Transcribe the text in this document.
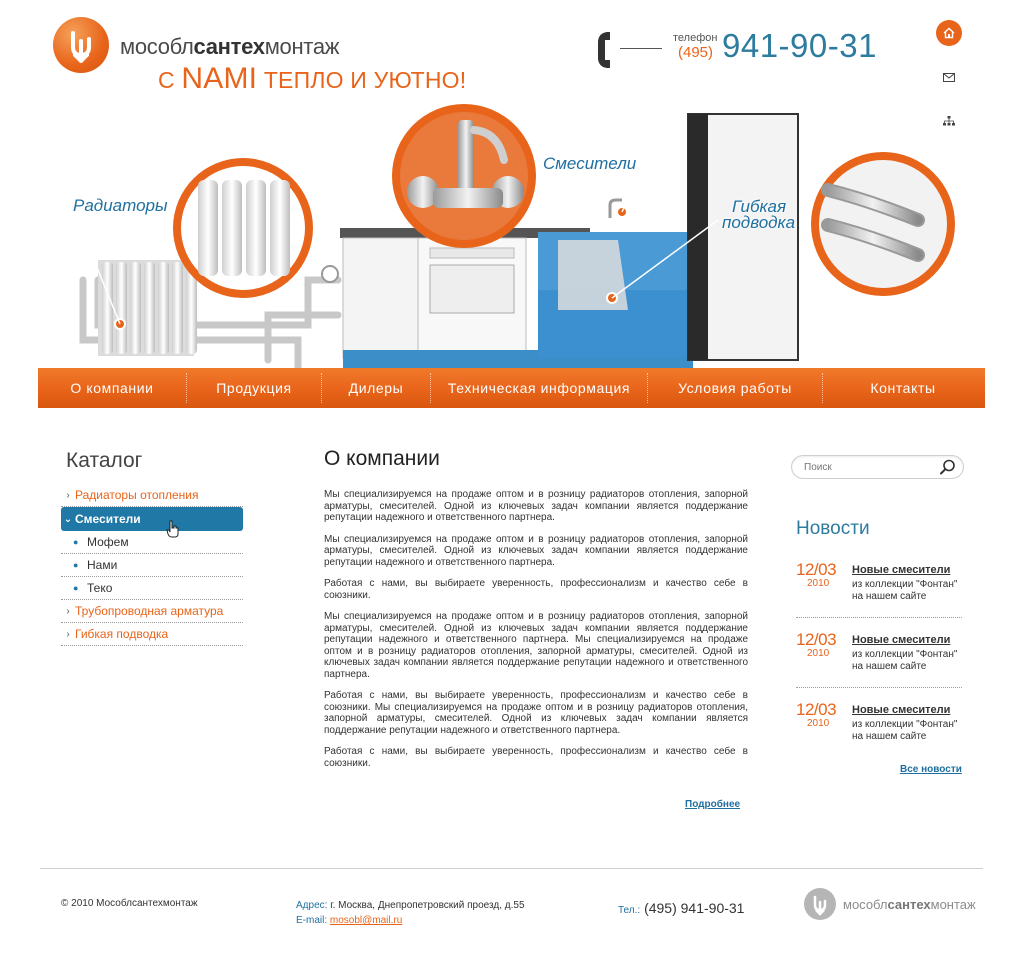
мособлсантехмонтаж
С NAMI ТЕПЛО И УЮТНО!
телефон
(495) 941-90-31
Радиаторы
Смесители
Гибкая
подводка
О компании	Продукция	Дилеры	Техническая информация	Условия работы	Контакты
Каталог
› Радиаторы отопления
⌄ Смесители
● Мофем
● Нами
● Теко
› Трубопроводная арматура
› Гибкая подводка
О компании

Мы специализируемся на продаже оптом и в розницу радиаторов отопления, запорной арматуры, смесителей. Одной из ключевых задач компании является поддержание репутации надежного и ответственного партнера.

Мы специализируемся на продаже оптом и в розницу радиаторов отопления, запорной арматуры, смесителей. Одной из ключевых задач компании является поддержание репутации надежного и ответственного партнера.

Работая с нами, вы выбираете уверенность, профессионализм и качество себе в союзники.

Мы специализируемся на продаже оптом и в розницу радиаторов отопления, запорной арматуры, смесителей. Одной из ключевых задач компании является поддержание репутации надежного и ответственного партнера. Мы специализируемся на продаже оптом и в розницу радиаторов отопления, запорной арматуры, смесителей. Одной из ключевых задач компании является поддержание репутации надежного и ответственного партнера.

Работая с нами, вы выбираете уверенность, профессионализм и качество себе в союзники. Мы специализируемся на продаже оптом и в розницу радиаторов отопления, запорной арматуры, смесителей. Одной из ключевых задач компании является поддержание репутации надежного и ответственного партнера.

Работая с нами, вы выбираете уверенность, профессионализм и качество себе в союзники.

Подробнее
Поиск
Новости
12/03
2010
Новые смесители
из коллекции "Фонтан" на нашем сайте
12/03
2010
Новые смесители
из коллекции "Фонтан" на нашем сайте
12/03
2010
Новые смесители
из коллекции "Фонтан" на нашем сайте
Все новости
© 2010 Мособлсантехмонтаж	Адрес: г. Москва, Днепропетровский проезд, д.55
E-mail: mosobl@mail.ru
Тел.: (495) 941-90-31	мособлсантехмонтаж
